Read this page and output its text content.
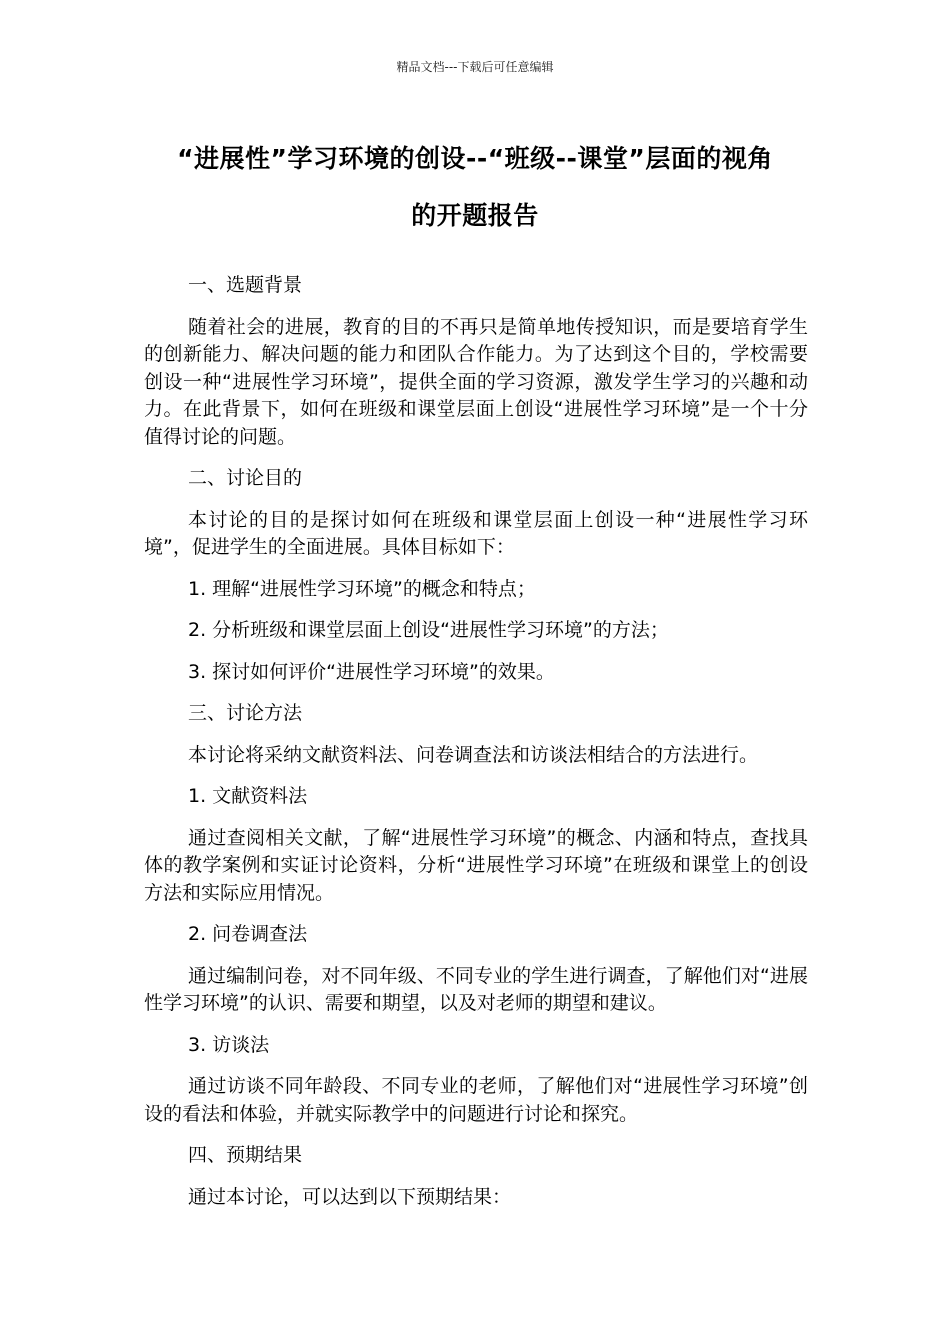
精品文档---下载后可任意编辑
“进展性”学习环境的创设--“班级--课堂”层面的视角
的开题报告

一、选题背景

随着社会的进展，教育的目的不再只是简单地传授知识，而是要培育学生的创新能力、解决问题的能力和团队合作能力。为了达到这个目的，学校需要创设一种“进展性学习环境”，提供全面的学习资源，激发学生学习的兴趣和动力。在此背景下，如何在班级和课堂层面上创设“进展性学习环境”是一个十分值得讨论的问题。

二、讨论目的

本讨论的目的是探讨如何在班级和课堂层面上创设一种“进展性学习环境”，促进学生的全面进展。具体目标如下：

1. 理解“进展性学习环境”的概念和特点；

2. 分析班级和课堂层面上创设“进展性学习环境”的方法；

3. 探讨如何评价“进展性学习环境”的效果。

三、讨论方法

本讨论将采纳文献资料法、问卷调查法和访谈法相结合的方法进行。

1. 文献资料法

通过查阅相关文献，了解“进展性学习环境”的概念、内涵和特点，查找具体的教学案例和实证讨论资料，分析“进展性学习环境”在班级和课堂上的创设方法和实际应用情况。

2. 问卷调查法

通过编制问卷，对不同年级、不同专业的学生进行调查，了解他们对“进展性学习环境”的认识、需要和期望，以及对老师的期望和建议。

3. 访谈法

通过访谈不同年龄段、不同专业的老师，了解他们对“进展性学习环境”创设的看法和体验，并就实际教学中的问题进行讨论和探究。

四、预期结果

通过本讨论，可以达到以下预期结果：
